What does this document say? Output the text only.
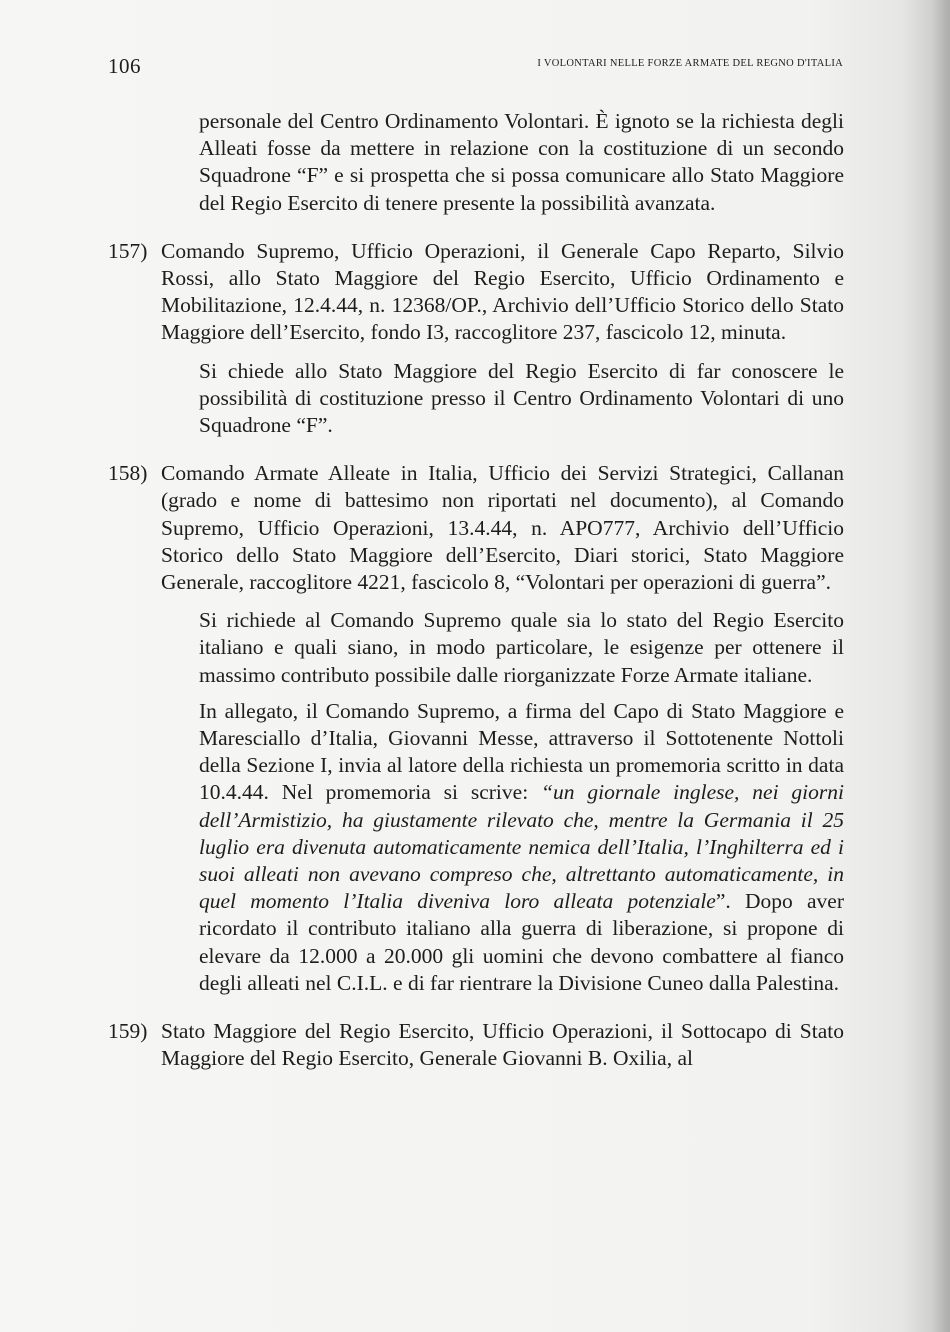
106	I VOLONTARI NELLE FORZE ARMATE DEL REGNO D'ITALIA

personale del Centro Ordinamento Volontari. È ignoto se la richiesta degli Alleati fosse da mettere in relazione con la costituzione di un secondo Squadrone “F” e si prospetta che si possa comunicare allo Stato Maggiore del Regio Esercito di tenere presente la possibilità avanzata.

157) Comando Supremo, Ufficio Operazioni, il Generale Capo Reparto, Silvio Rossi, allo Stato Maggiore del Regio Esercito, Ufficio Ordinamento e Mobilitazione, 12.4.44, n. 12368/OP., Archivio dell’Ufficio Storico dello Stato Maggiore dell’Esercito, fondo I3, raccoglitore 237, fascicolo 12, minuta.

Si chiede allo Stato Maggiore del Regio Esercito di far conoscere le possibilità di costituzione presso il Centro Ordinamento Volontari di uno Squadrone “F”.

158) Comando Armate Alleate in Italia, Ufficio dei Servizi Strategici, Callanan (grado e nome di battesimo non riportati nel documento), al Comando Supremo, Ufficio Operazioni, 13.4.44, n. APO777, Archivio dell’Ufficio Storico dello Stato Maggiore dell’Esercito, Diari storici, Stato Maggiore Generale, raccoglitore 4221, fascicolo 8, “Volontari per operazioni di guerra”.

Si richiede al Comando Supremo quale sia lo stato del Regio Esercito italiano e quali siano, in modo particolare, le esigenze per ottenere il massimo contributo possibile dalle riorganizzate Forze Armate italiane.

In allegato, il Comando Supremo, a firma del Capo di Stato Maggiore e Maresciallo d’Italia, Giovanni Messe, attraverso il Sottotenente Nottoli della Sezione I, invia al latore della richiesta un promemoria scritto in data 10.4.44. Nel promemoria si scrive: “un giornale inglese, nei giorni dell’Armistizio, ha giustamente rilevato che, mentre la Germania il 25 luglio era divenuta automaticamente nemica dell’Italia, l’Inghilterra ed i suoi alleati non avevano compreso che, altrettanto automaticamente, in quel momento l’Italia diveniva loro alleata potenziale”. Dopo aver ricordato il contributo italiano alla guerra di liberazione, si propone di elevare da 12.000 a 20.000 gli uomini che devono combattere al fianco degli alleati nel C.I.L. e di far rientrare la Divisione Cuneo dalla Palestina.

159) Stato Maggiore del Regio Esercito, Ufficio Operazioni, il Sottocapo di Stato Maggiore del Regio Esercito, Generale Giovanni B. Oxilia, al
